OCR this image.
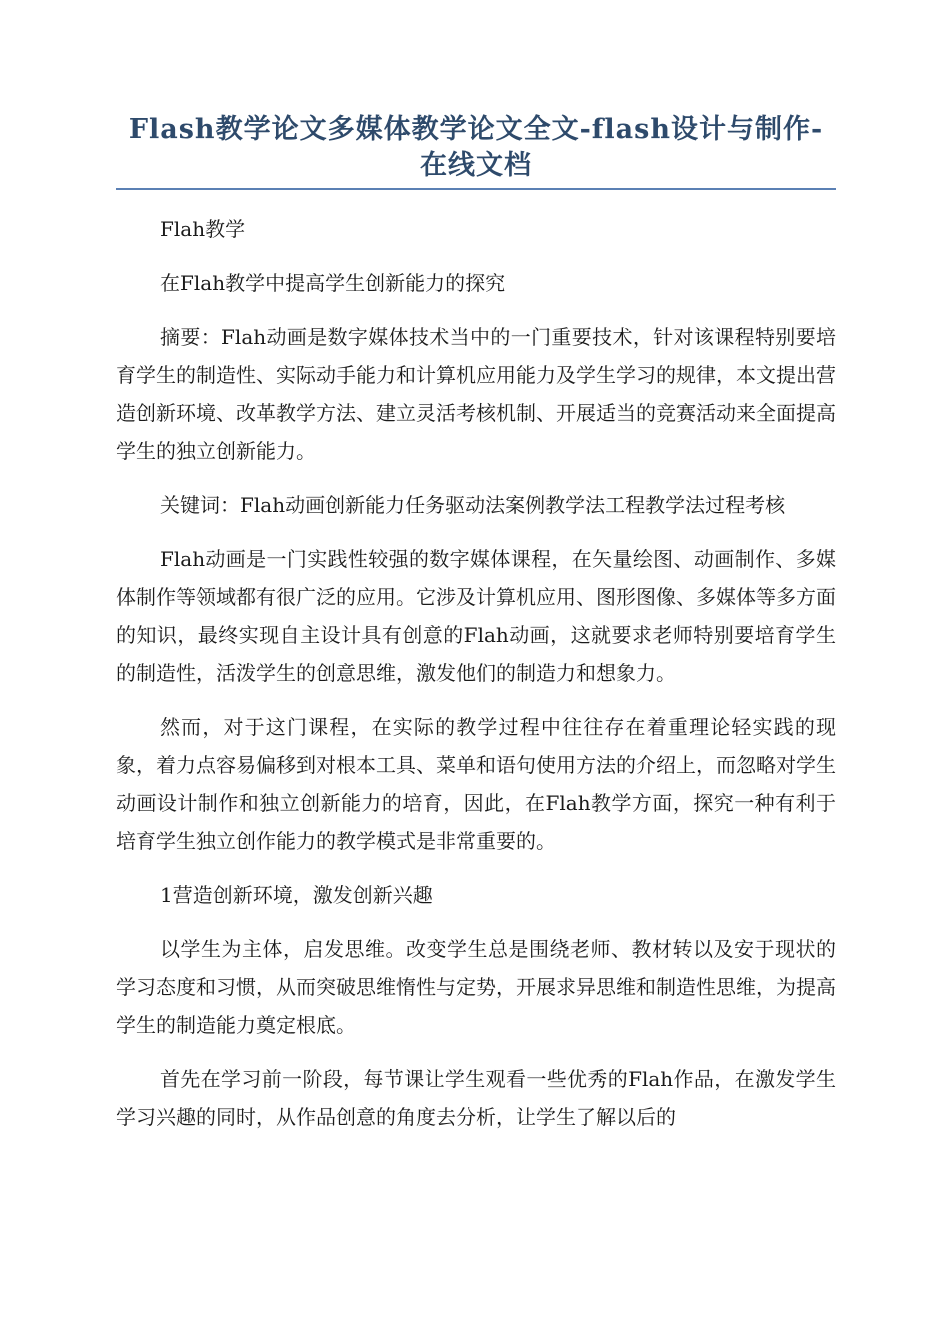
Flash教学论文多媒体教学论文全文-flash设计与制作-在线文档

Flah教学

在Flah教学中提高学生创新能力的探究

摘要：Flah动画是数字媒体技术当中的一门重要技术，针对该课程特别要培育学生的制造性、实际动手能力和计算机应用能力及学生学习的规律，本文提出营造创新环境、改革教学方法、建立灵活考核机制、开展适当的竞赛活动来全面提高学生的独立创新能力。

关键词：Flah动画创新能力任务驱动法案例教学法工程教学法过程考核

Flah动画是一门实践性较强的数字媒体课程，在矢量绘图、动画制作、多媒体制作等领域都有很广泛的应用。它涉及计算机应用、图形图像、多媒体等多方面的知识，最终实现自主设计具有创意的Flah动画，这就要求老师特别要培育学生的制造性，活泼学生的创意思维，激发他们的制造力和想象力。

然而，对于这门课程，在实际的教学过程中往往存在着重理论轻实践的现象，着力点容易偏移到对根本工具、菜单和语句使用方法的介绍上，而忽略对学生动画设计制作和独立创新能力的培育，因此，在Flah教学方面，探究一种有利于培育学生独立创作能力的教学模式是非常重要的。

1营造创新环境，激发创新兴趣

以学生为主体，启发思维。改变学生总是围绕老师、教材转以及安于现状的学习态度和习惯，从而突破思维惰性与定势，开展求异思维和制造性思维，为提高学生的制造能力奠定根底。

首先在学习前一阶段，每节课让学生观看一些优秀的Flah作品，在激发学生学习兴趣的同时，从作品创意的角度去分析，让学生了解以后的
